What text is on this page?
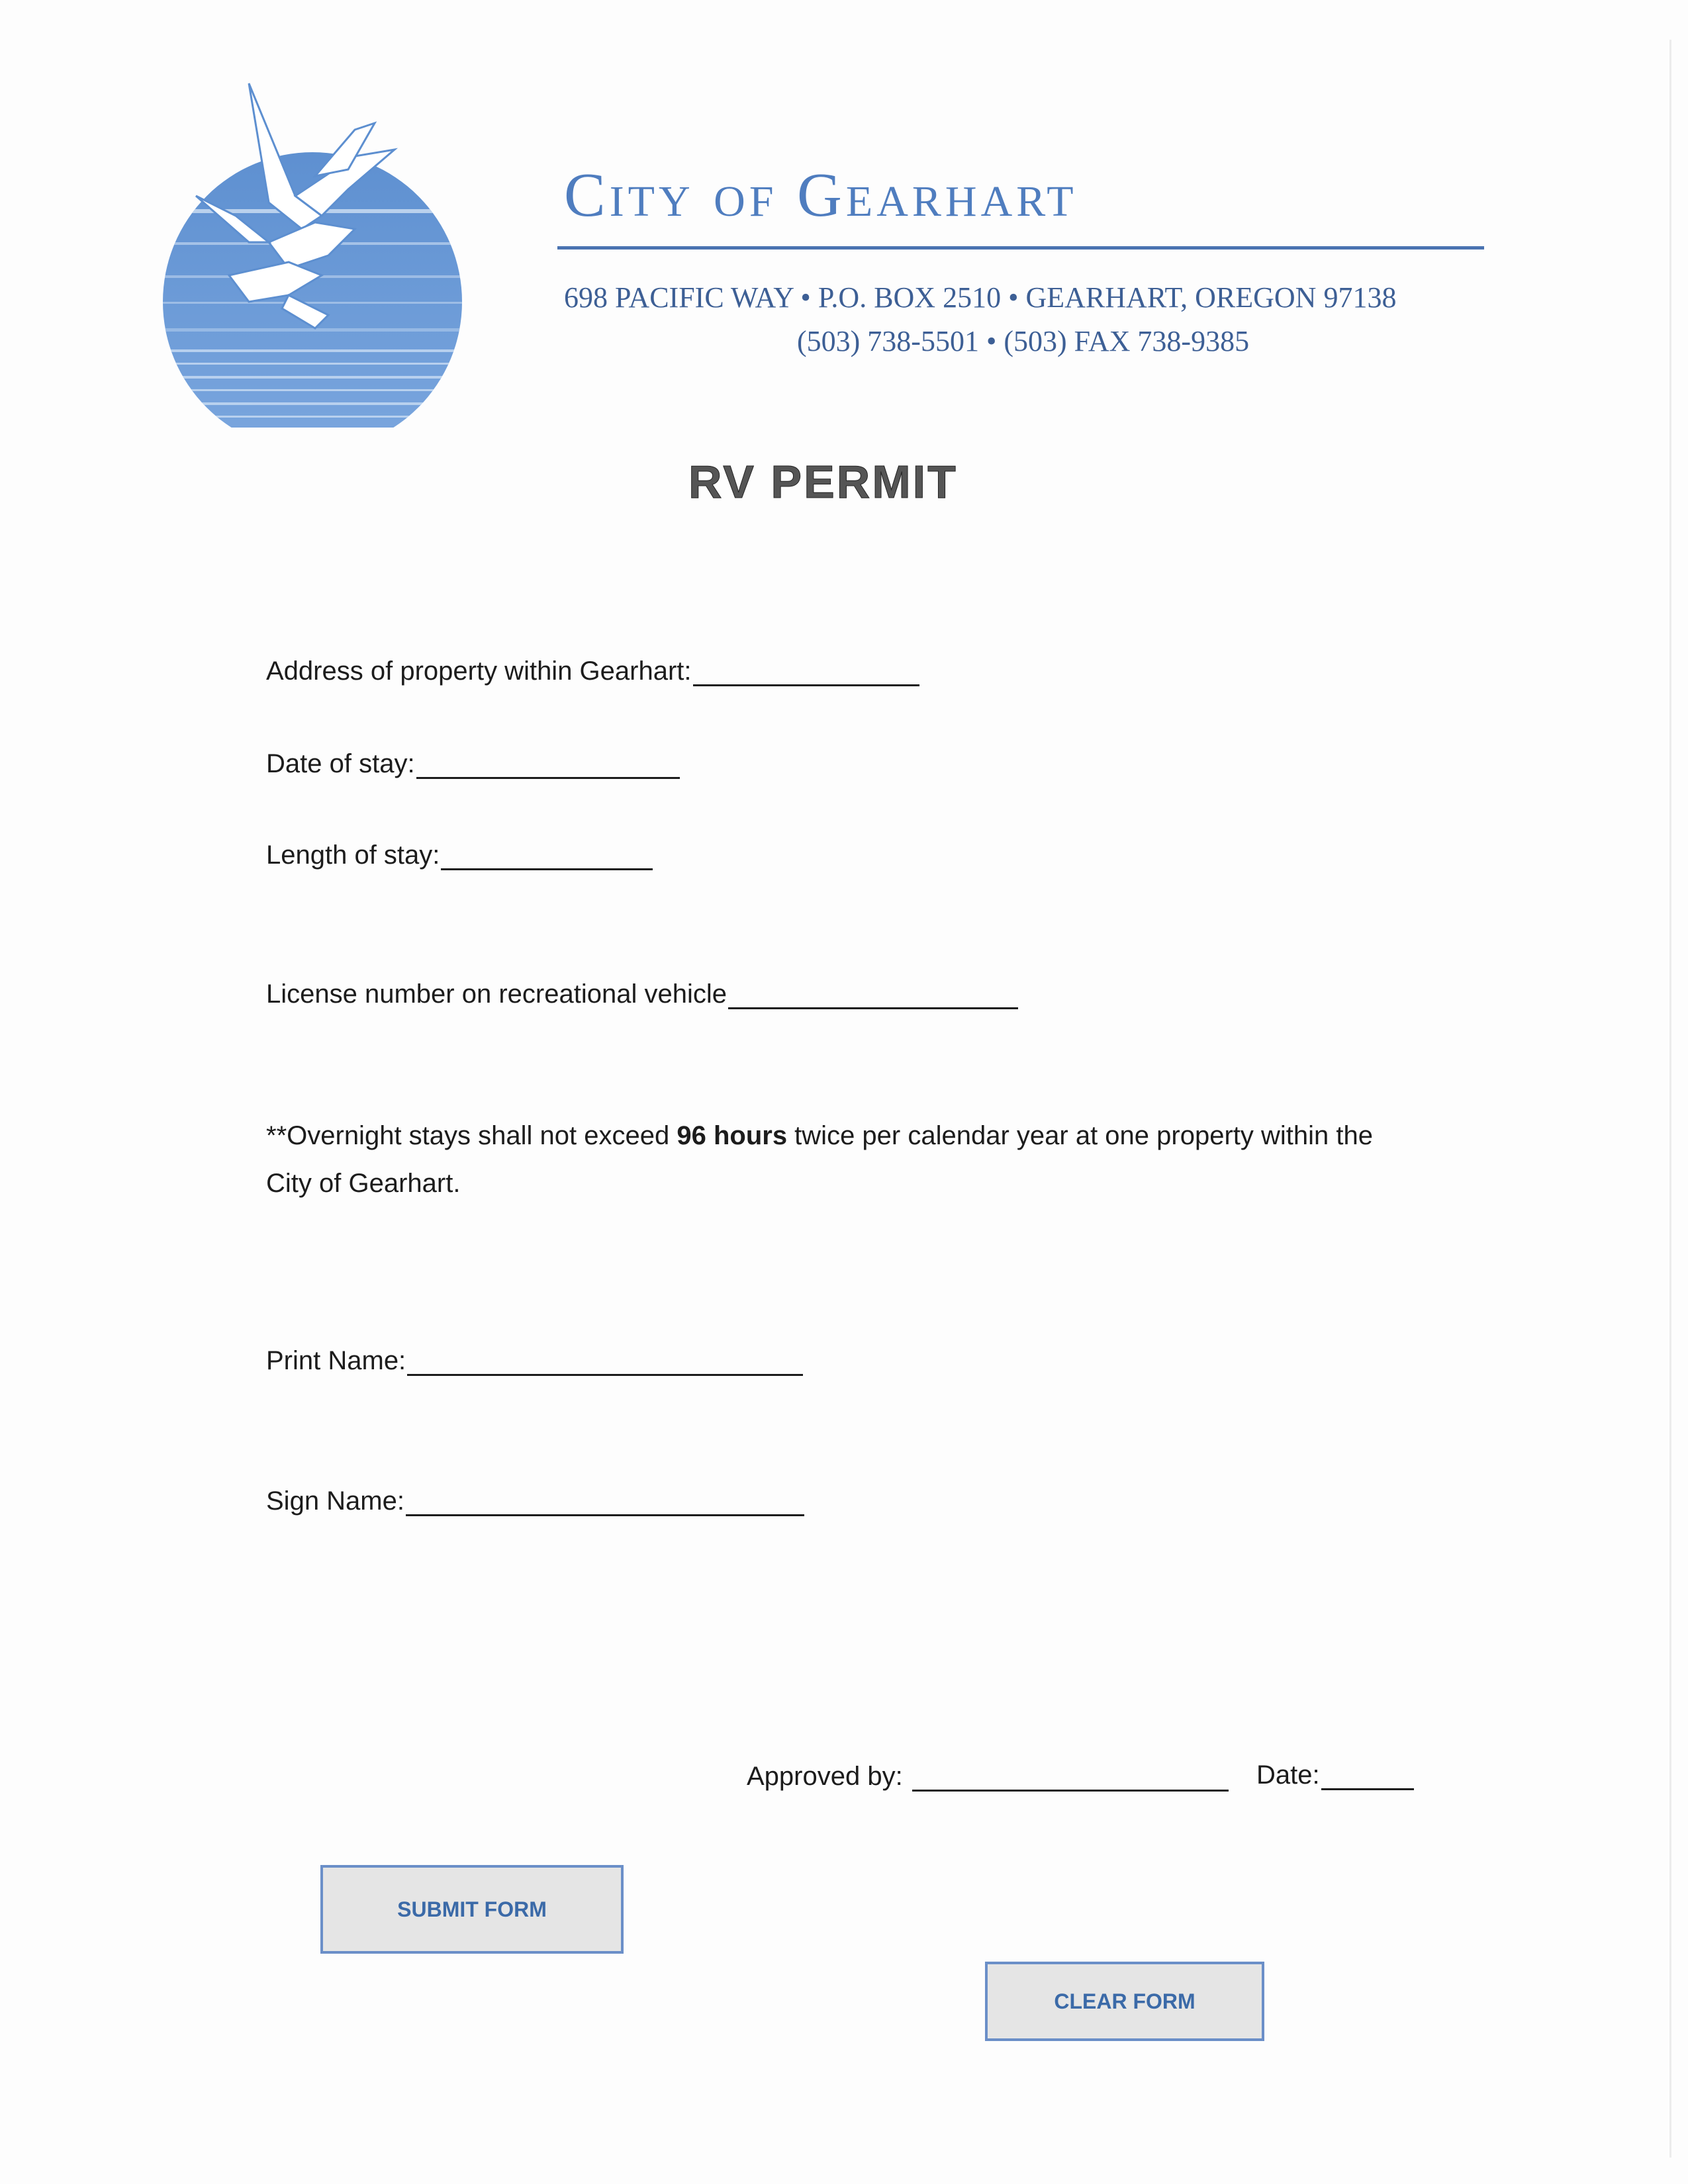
City of Gearhart
698 PACIFIC WAY • P.O. BOX 2510 • GEARHART, OREGON 97138
(503) 738-5501 • (503) FAX 738-9385
RV PERMIT
Address of property within Gearhart:
Date of stay:
Length of stay:
License number on recreational vehicle
**Overnight stays shall not exceed 96 hours twice per calendar year at one property within the City of Gearhart.
Print Name:
Sign Name:
Approved by:	Date:
SUBMIT FORM
CLEAR FORM
